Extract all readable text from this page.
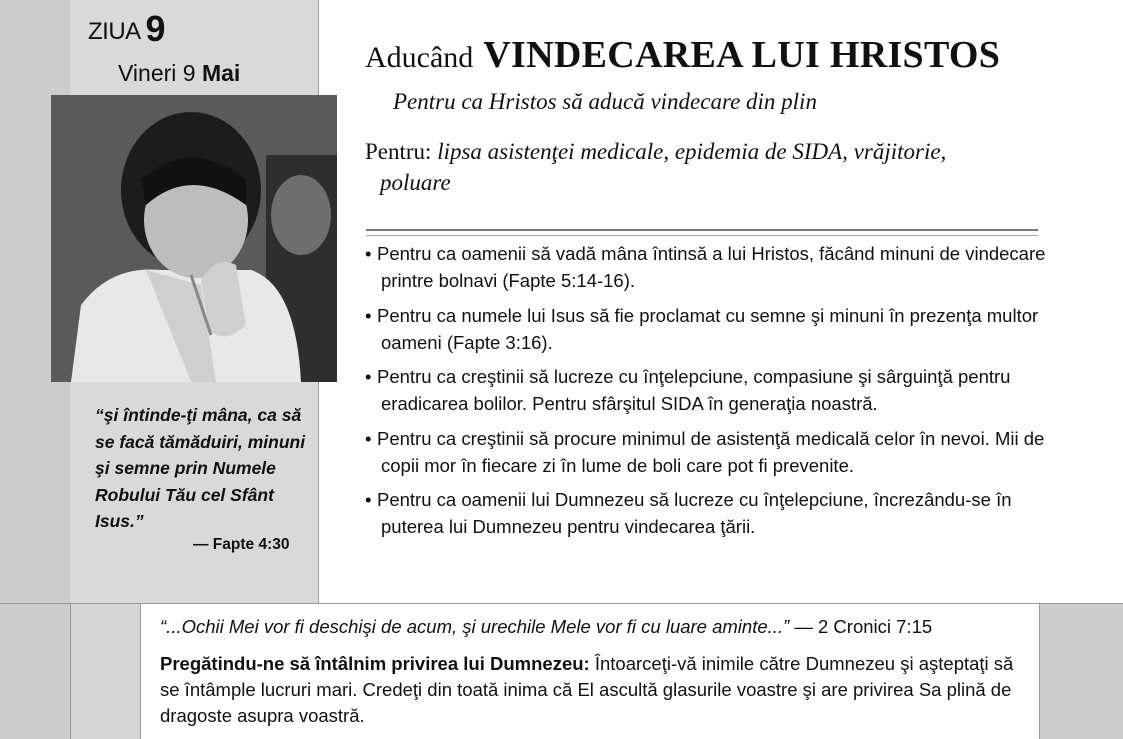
ZIUA 9
Vineri 9 Mai
“şi întinde-ţi mâna, ca să se facă tămăduiri, minuni şi semne prin Numele Robului Tău cel Sfânt Isus.”
— Fapte 4:30
Aducând VINDECAREA LUI HRISTOS
Pentru ca Hristos să aducă vindecare din plin
Pentru: lipsa asistenţei medicale, epidemia de SIDA, vrăjitorie,
poluare
• Pentru ca oamenii să vadă mâna întinsă a lui Hristos, făcând minuni de vindecare printre bolnavi (Fapte 5:14-16).
• Pentru ca numele lui Isus să fie proclamat cu semne şi minuni în prezenţa multor oameni (Fapte 3:16).
• Pentru ca creştinii să lucreze cu înţelepciune, compasiune şi sârguinţă pentru eradicarea bolilor. Pentru sfârşitul SIDA în generaţia noastră.
• Pentru ca creştinii să procure minimul de asistenţă medicală celor în nevoi. Mii de copii mor în fiecare zi în lume de boli care pot fi prevenite.
• Pentru ca oamenii lui Dumnezeu să lucreze cu înţelepciune, încrezându-se în puterea lui Dumnezeu pentru vindecarea ţării.
“...Ochii Mei vor fi deschişi de acum, şi urechile Mele vor fi cu luare aminte...” — 2 Cronici 7:15
Pregătindu-ne să întâlnim privirea lui Dumnezeu: Întoarceţi-vă inimile către Dumnezeu şi aşteptaţi să se întâmple lucruri mari. Credeţi din toată inima că El ascultă glasurile voastre şi are privirea Sa plină de dragoste asupra voastră.
